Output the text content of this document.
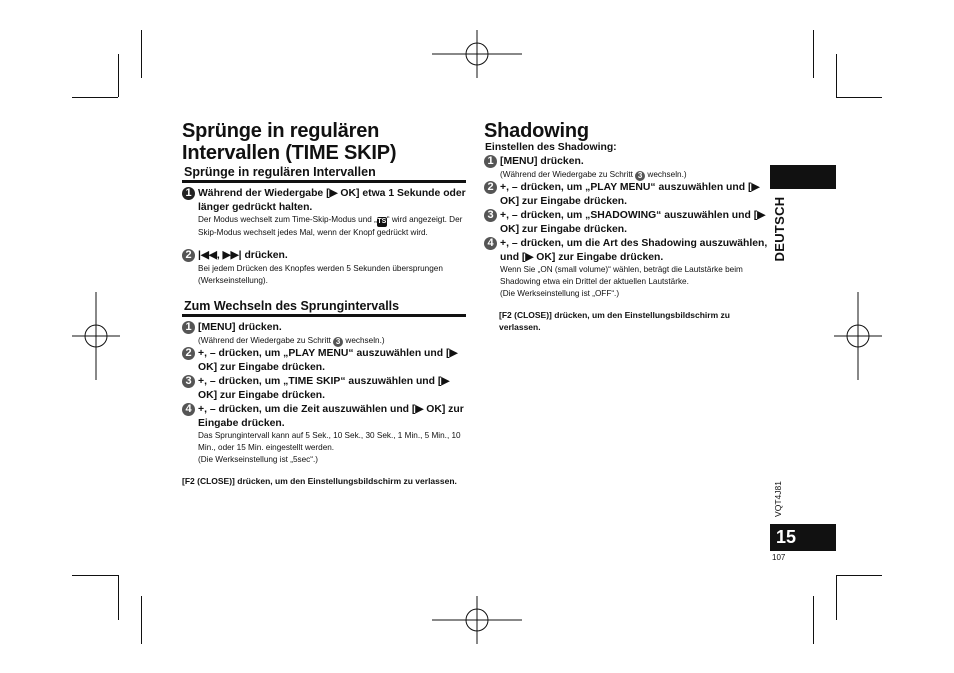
Sprünge in regulären Intervallen (TIME SKIP)
Sprünge in regulären Intervallen
1 Während der Wiedergabe [▶ OK] etwa 1 Sekunde oder länger gedrückt halten.
Der Modus wechselt zum Time-Skip-Modus und „TS“ wird angezeigt. Der Skip-Modus wechselt jedes Mal, wenn der Knopf gedrückt wird.
2 |◀◀, ▶▶| drücken.
Bei jedem Drücken des Knopfes werden 5 Sekunden übersprungen (Werkseinstellung).
Zum Wechseln des Sprungintervalls
1 [MENU] drücken.
(Während der Wiedergabe zu Schritt 3 wechseln.)
2 +, – drücken, um „PLAY MENU“ auszuwählen und [▶ OK] zur Eingabe drücken.
3 +, – drücken, um „TIME SKIP“ auszuwählen und [▶ OK] zur Eingabe drücken.
4 +, – drücken, um die Zeit auszuwählen und [▶ OK] zur Eingabe drücken.
Das Sprungintervall kann auf 5 Sek., 10 Sek., 30 Sek., 1 Min., 5 Min., 10 Min., oder 15 Min. eingestellt werden.
(Die Werkseinstellung ist „5sec“.)
[F2 (CLOSE)] drücken, um den Einstellungsbildschirm zu verlassen.
Shadowing
Einstellen des Shadowing:
1 [MENU] drücken.
(Während der Wiedergabe zu Schritt 3 wechseln.)
2 +, – drücken, um „PLAY MENU“ auszuwählen und [▶ OK] zur Eingabe drücken.
3 +, – drücken, um „SHADOWING“ auszuwählen und [▶ OK] zur Eingabe drücken.
4 +, – drücken, um die Art des Shadowing auszuwählen, und [▶ OK] zur Eingabe drücken.
Wenn Sie „ON (small volume)“ wählen, beträgt die Lautstärke beim Shadowing etwa ein Drittel der aktuellen Lautstärke.
(Die Werkseinstellung ist „OFF“.)
[F2 (CLOSE)] drücken, um den Einstellungsbildschirm zu verlassen.
DEUTSCH
VQT4J81
15
107
